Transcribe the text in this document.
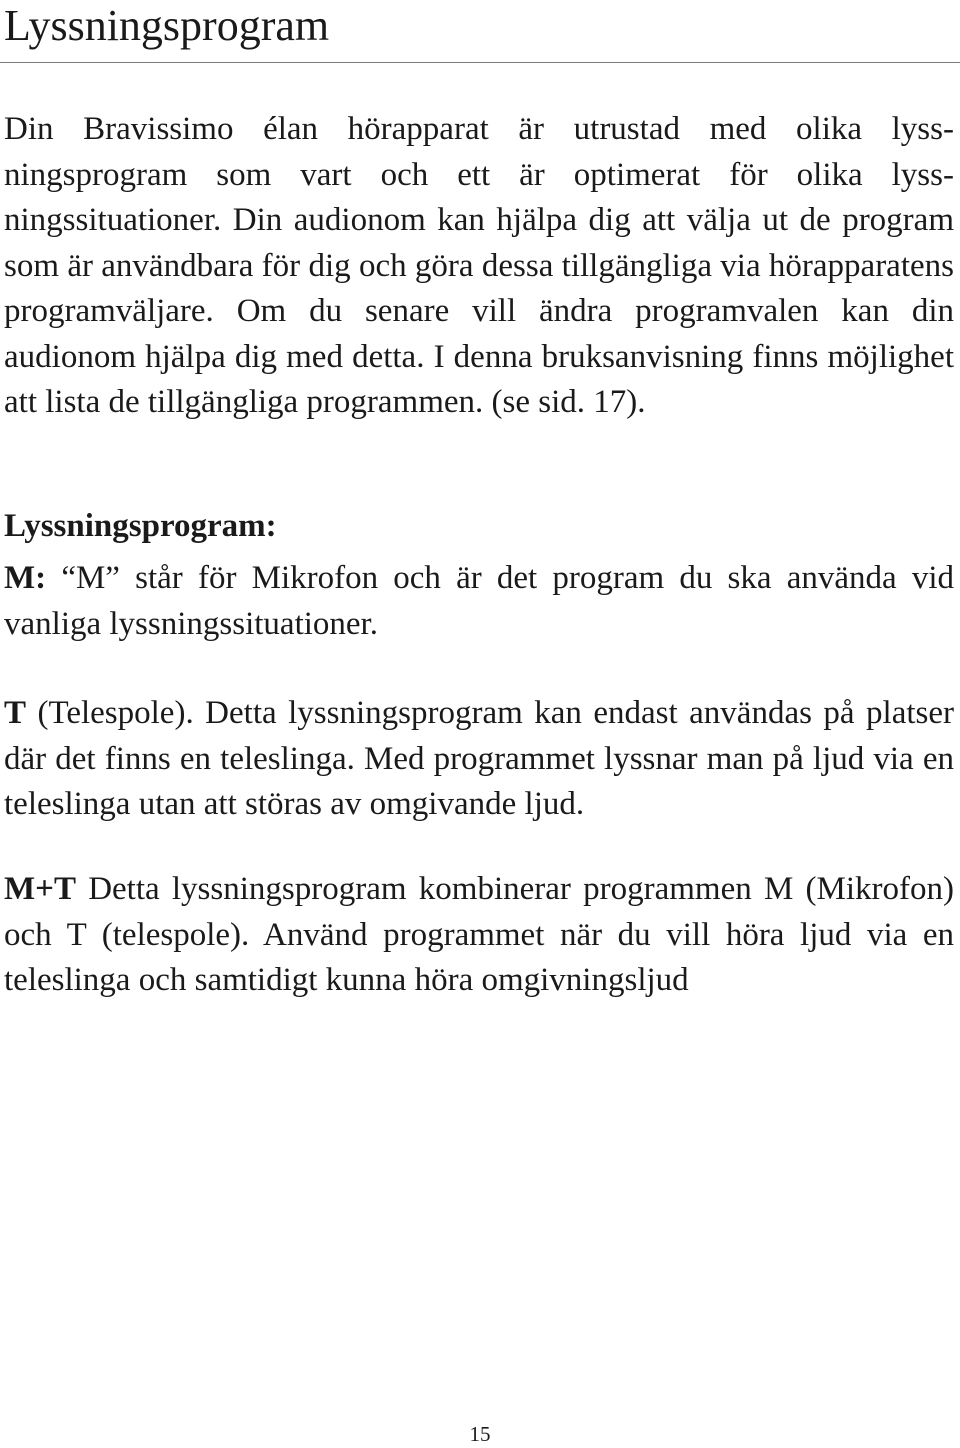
Lyssningsprogram

Din Bravissimo élan hörapparat är utrustad med olika lyssningsprogram som vart och ett är optimerat för olika lyssningssituationer. Din audionom kan hjälpa dig att välja ut de program som är användbara för dig och göra dessa tillgängliga via hörapparatens programväljare. Om du senare vill ändra programvalen kan din audionom hjälpa dig med detta. I denna bruksanvisning finns möjlighet att lista de tillgängliga programmen. (se sid. 17).

Lyssningsprogram:

M: “M” står för Mikrofon och är det program du ska använda vid vanliga lyssningssituationer.

T (Telespole). Detta lyssningsprogram kan endast användas på platser där det finns en teleslinga. Med programmet lyssnar man på ljud via en teleslinga utan att störas av omgivande ljud.

M+T Detta lyssningsprogram kombinerar programmen M (Mikrofon) och T (telespole). Använd programmet när du vill höra ljud via en teleslinga och samtidigt kunna höra omgivningsljud

15
